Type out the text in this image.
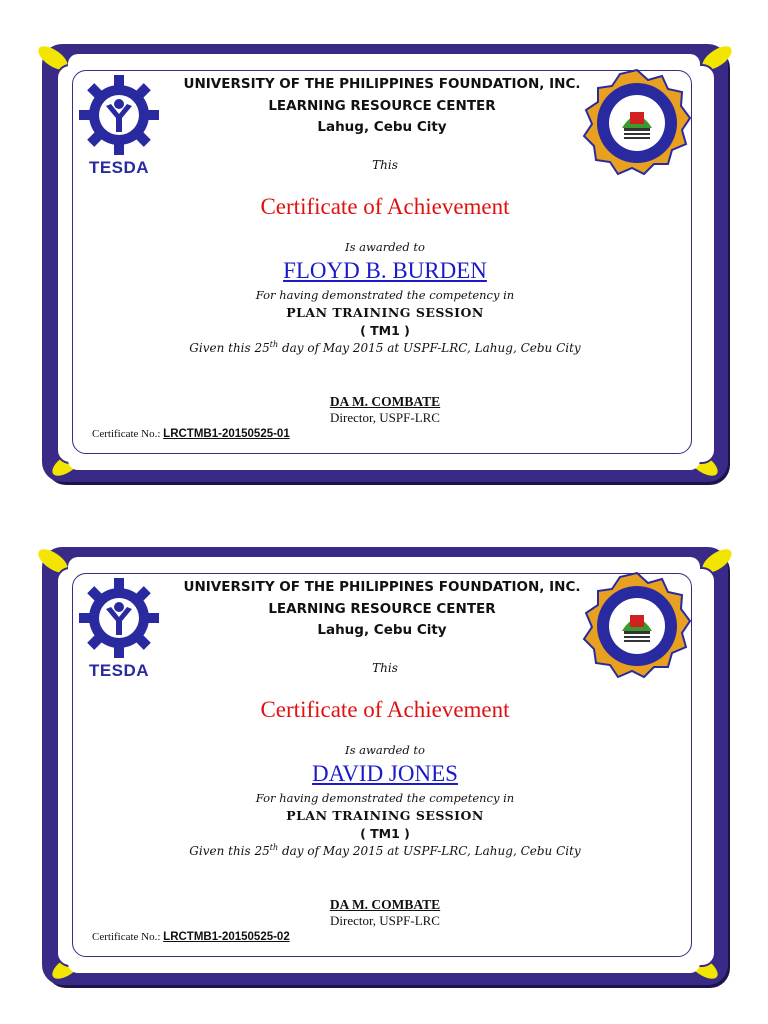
TESDA
UNIVERSITY OF THE PHILIPPINES FOUNDATION, INC.
LEARNING RESOURCE CENTER
Lahug, Cebu City
This
Certificate of Achievement
Is awarded to
FLOYD B. BURDEN
For having demonstrated the competency in
PLAN TRAINING SESSION
( TM1 )
Given this 25th day of May 2015 at USPF-LRC, Lahug, Cebu City
DA M. COMBATE
Director, USPF-LRC
Certificate No.: LRCTMB1-20150525-01
TESDA
UNIVERSITY OF THE PHILIPPINES FOUNDATION, INC.
LEARNING RESOURCE CENTER
Lahug, Cebu City
This
Certificate of Achievement
Is awarded to
DAVID JONES
For having demonstrated the competency in
PLAN TRAINING SESSION
( TM1 )
Given this 25th day of May 2015 at USPF-LRC, Lahug, Cebu City
DA M. COMBATE
Director, USPF-LRC
Certificate No.: LRCTMB1-20150525-02
